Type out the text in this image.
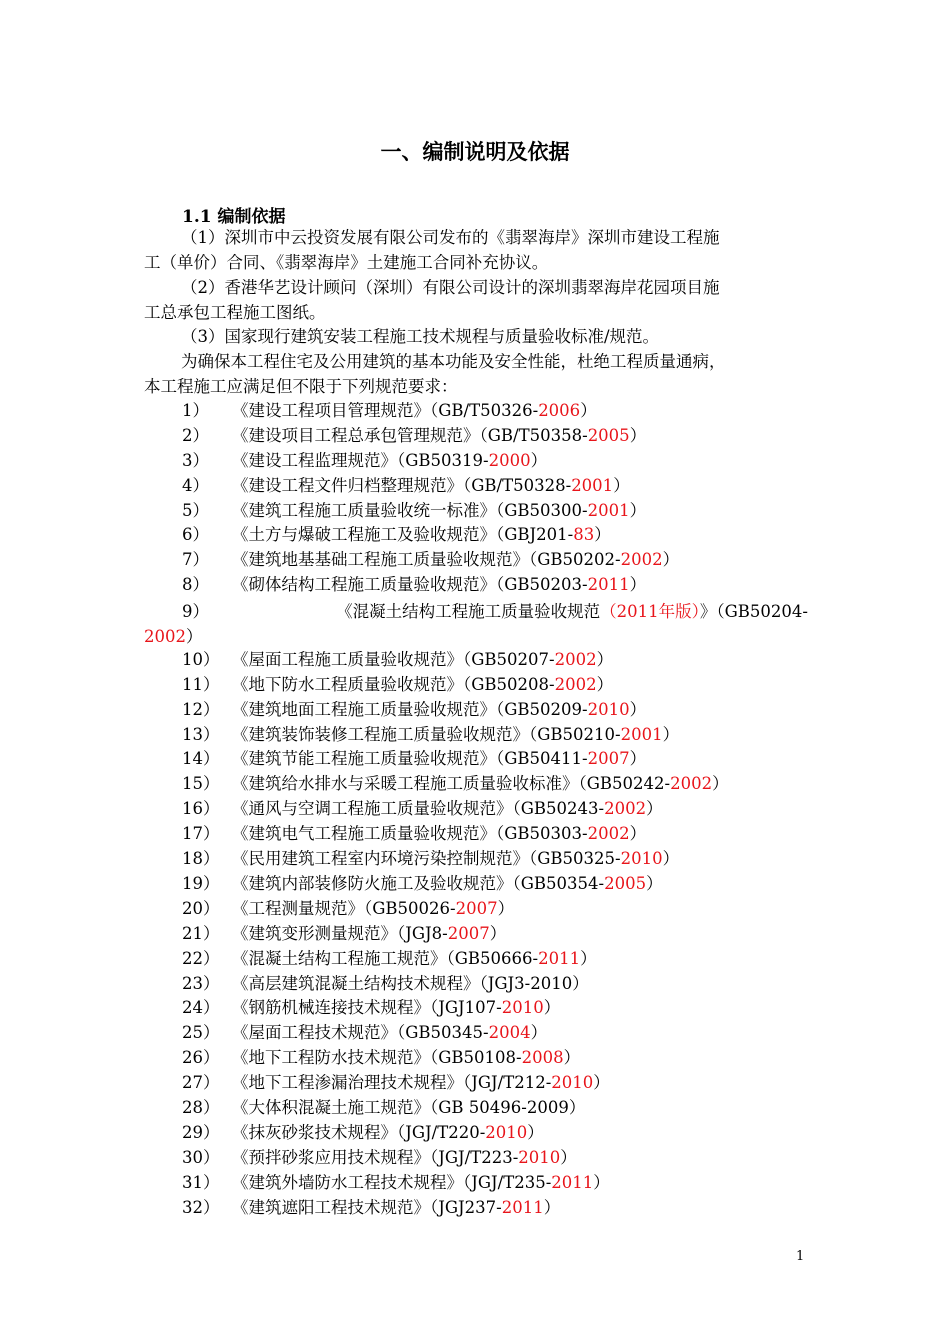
一、编制说明及依据
1.1 编制依据
（1）深圳市中云投资发展有限公司发布的《翡翠海岸》深圳市建设工程施
工（单价）合同、《翡翠海岸》土建施工合同补充协议。
（2）香港华艺设计顾问（深圳）有限公司设计的深圳翡翠海岸花园项目施
工总承包工程施工图纸。
（3）国家现行建筑安装工程施工技术规程与质量验收标准/规范。
为确保本工程住宅及公用建筑的基本功能及安全性能，杜绝工程质量通病，
本工程施工应满足但不限于下列规范要求：
1） 《建设工程项目管理规范》（GB/T50326-2006）
2） 《建设项目工程总承包管理规范》（GB/T50358-2005）
3） 《建设工程监理规范》（GB50319-2000）
4） 《建设工程文件归档整理规范》（GB/T50328-2001）
5） 《建筑工程施工质量验收统一标准》（GB50300-2001）
6） 《土方与爆破工程施工及验收规范》（GBJ201-83）
7） 《建筑地基基础工程施工质量验收规范》（GB50202-2002）
8） 《砌体结构工程施工质量验收规范》（GB50203-2011）
10） 《屋面工程施工质量验收规范》（GB50207-2002）
11） 《地下防水工程质量验收规范》（GB50208-2002）
12） 《建筑地面工程施工质量验收规范》（GB50209-2010）
13） 《建筑装饰装修工程施工质量验收规范》（GB50210-2001）
14） 《建筑节能工程施工质量验收规范》（GB50411-2007）
15） 《建筑给水排水与采暖工程施工质量验收标准》（GB50242-2002）
16） 《通风与空调工程施工质量验收规范》（GB50243-2002）
17） 《建筑电气工程施工质量验收规范》（GB50303-2002）
18） 《民用建筑工程室内环境污染控制规范》（GB50325-2010）
19） 《建筑内部装修防火施工及验收规范》（GB50354-2005）
20） 《工程测量规范》（GB50026-2007）
21） 《建筑变形测量规范》（JGJ8-2007）
22） 《混凝土结构工程施工规范》（GB50666-2011）
23） 《高层建筑混凝土结构技术规程》（JGJ3-2010）
24） 《钢筋机械连接技术规程》（JGJ107-2010）
25） 《屋面工程技术规范》（GB50345-2004）
26） 《地下工程防水技术规范》（GB50108-2008）
27） 《地下工程渗漏治理技术规程》（JGJ/T212-2010）
28） 《大体积混凝土施工规范》（GB 50496-2009）
29） 《抹灰砂浆技术规程》（JGJ/T220-2010）
30） 《预拌砂浆应用技术规程》（JGJ/T223-2010）
31） 《建筑外墙防水工程技术规程》（JGJ/T235-2011）
32） 《建筑遮阳工程技术规范》（JGJ237-2011）
9）	《混凝土结构工程施工质量验收规范（2011年版）》（GB50204-
2002）
1
